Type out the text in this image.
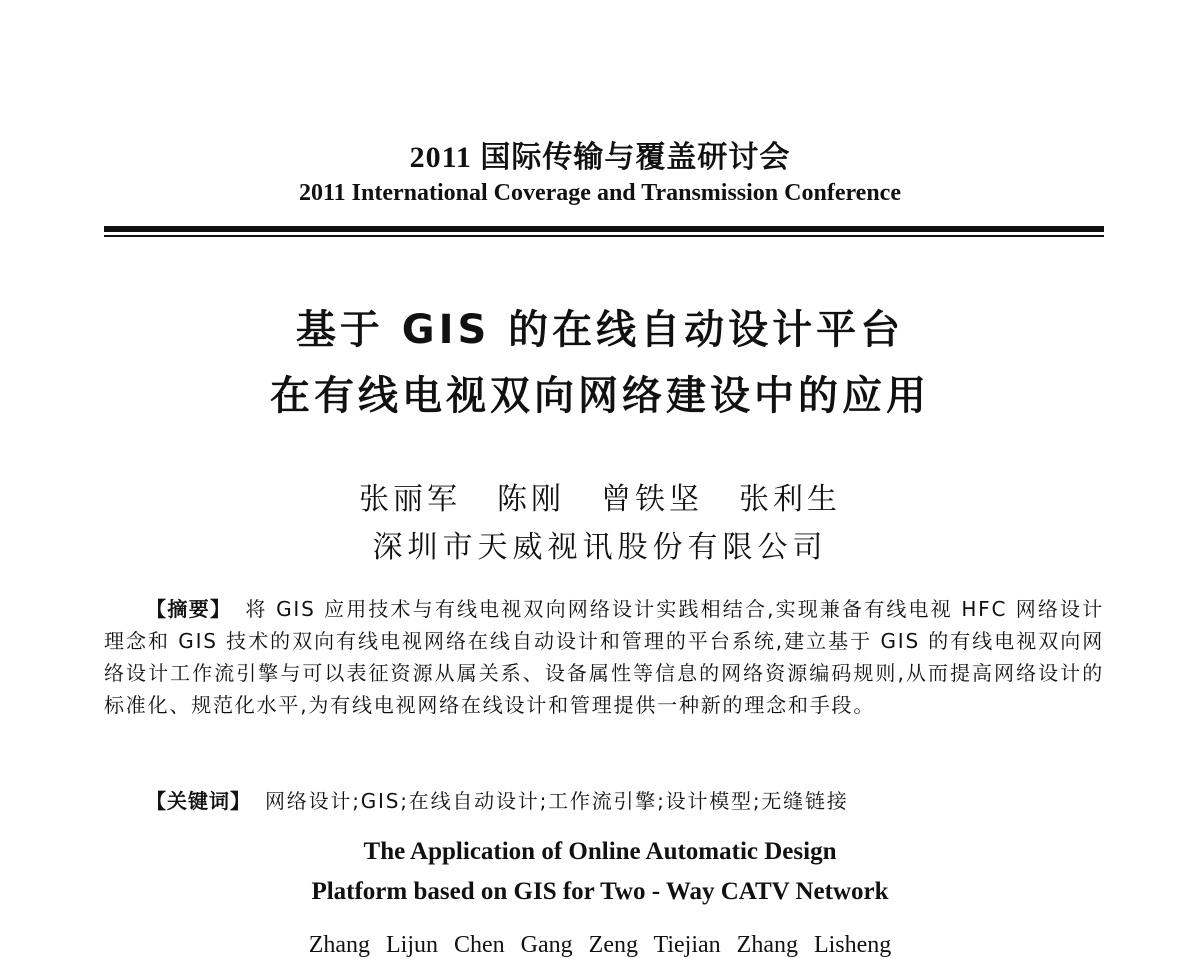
2011 国际传输与覆盖研讨会
2011 International Coverage and Transmission Conference
基于 GIS 的在线自动设计平台
在有线电视双向网络建设中的应用
张丽军 陈刚 曾铁坚 张利生
深圳市天威视讯股份有限公司
【摘要】 将 GIS 应用技术与有线电视双向网络设计实践相结合,实现兼备有线电视 HFC 网络设计理念和 GIS 技术的双向有线电视网络在线自动设计和管理的平台系统,建立基于 GIS 的有线电视双向网络设计工作流引擎与可以表征资源从属关系、设备属性等信息的网络资源编码规则,从而提高网络设计的标准化、规范化水平,为有线电视网络在线设计和管理提供一种新的理念和手段。
【关键词】 网络设计;GIS;在线自动设计;工作流引擎;设计模型;无缝链接
The Application of Online Automatic Design
Platform based on GIS for Two - Way CATV Network
Zhang Lijun Chen Gang Zeng Tiejian Zhang Lisheng
